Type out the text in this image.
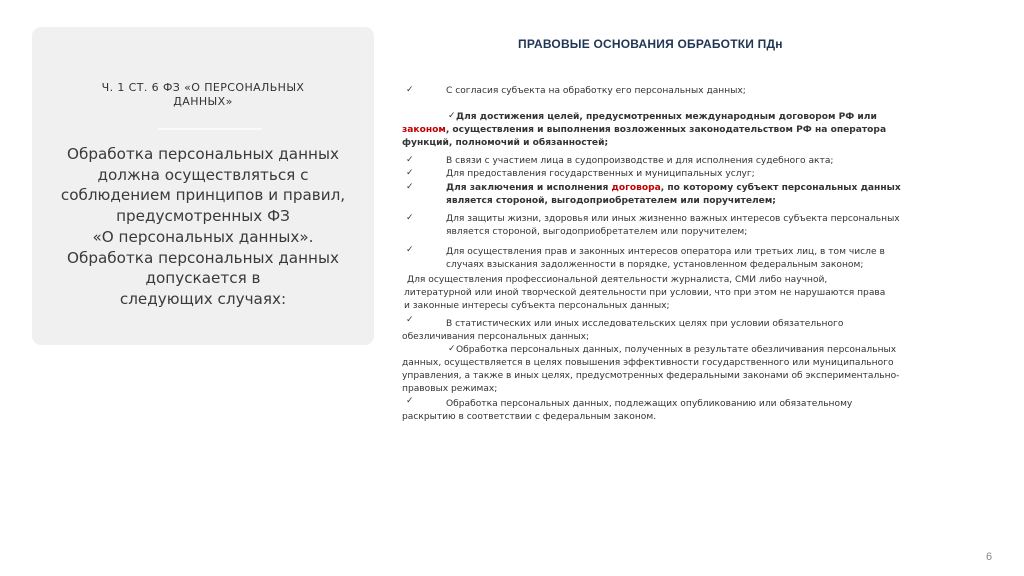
Ч. 1 СТ. 6 ФЗ «О ПЕРСОНАЛЬНЫХ
ДАННЫХ»
Обработка персональных данных
должна осуществляться с
соблюдением принципов и правил,
предусмотренных ФЗ
«О персональных данных».
Обработка персональных данных
допускается в
следующих случаях:
ПРАВОВЫЕ ОСНОВАНИЯ ОБРАБОТКИ ПДн
✓	С согласия субъекта на обработку его персональных данных;
✓ Для достижения целей, предусмотренных международным договором РФ или
законом, осуществления и выполнения возложенных законодательством РФ на оператора
функций, полномочий и обязанностей;
✓	В связи с участием лица в судопроизводстве и для исполнения судебного акта;
✓	Для предоставления государственных и муниципальных услуг;
✓	Для заключения и исполнения договора, по которому субъект персональных данных
является стороной, выгодоприобретателем или поручителем;
✓	Для защиты жизни, здоровья или иных жизненно важных интересов субъекта персональных
является стороной, выгодоприобретателем или поручителем;
✓	Для осуществления прав и законных интересов оператора или третьих лиц, в том числе в
случаях взыскания задолженности в порядке, установленном федеральным законом;
Для осуществления профессиональной деятельности журналиста, СМИ либо научной,
литературной или иной творческой деятельности при условии, что при этом не нарушаются права
и законные интересы субъекта персональных данных;
✓	В статистических или иных исследовательских целях при условии обязательного
обезличивания персональных данных;
✓ Обработка персональных данных, полученных в результате обезличивания персональных
данных, осуществляется в целях повышения эффективности государственного или муниципального
управления, а также в иных целях, предусмотренных федеральными законами об экспериментально-
правовых режимах;
✓	Обработка персональных данных, подлежащих опубликованию или обязательному
раскрытию в соответствии с федеральным законом.
6
